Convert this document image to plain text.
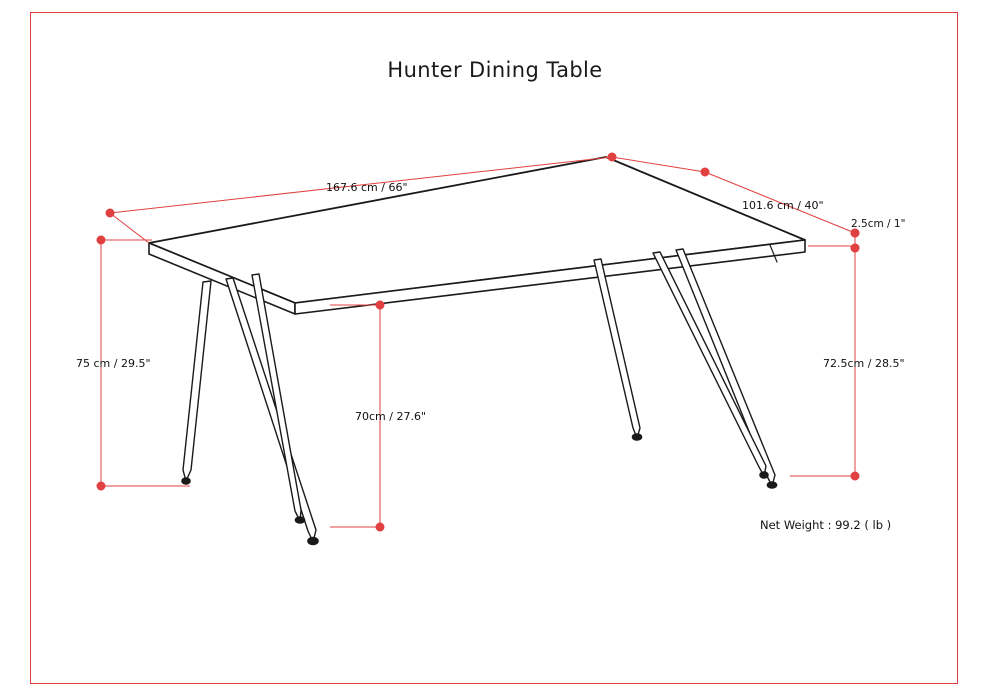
Hunter Dining Table
167.6 cm / 66"
101.6 cm / 40"
2.5cm / 1"
75 cm / 29.5"
70cm / 27.6"
72.5cm / 28.5"
Net Weight : 99.2 ( lb )
